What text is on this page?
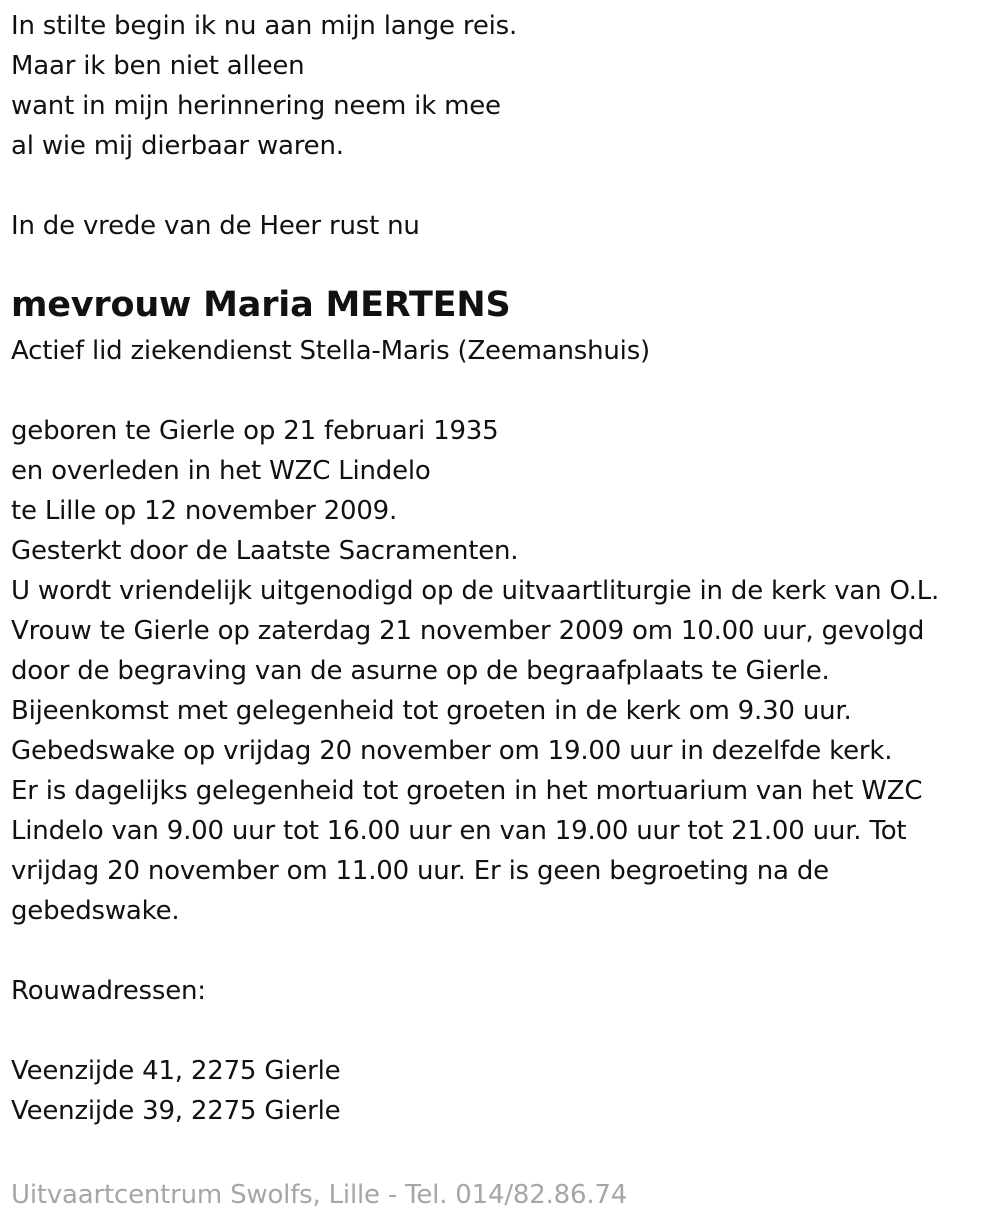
In stilte begin ik nu aan mijn lange reis.
Maar ik ben niet alleen
want in mijn herinnering neem ik mee
al wie mij dierbaar waren.
In de vrede van de Heer rust nu
mevrouw Maria MERTENS
Actief lid ziekendienst Stella-Maris (Zeemanshuis)
geboren te Gierle op 21 februari 1935
en overleden in het WZC Lindelo
te Lille op 12 november 2009.
Gesterkt door de Laatste Sacramenten.
U wordt vriendelijk uitgenodigd op de uitvaartliturgie in de kerk van O.L.
Vrouw te Gierle op zaterdag 21 november 2009 om 10.00 uur, gevolgd
door de begraving van de asurne op de begraafplaats te Gierle.
Bijeenkomst met gelegenheid tot groeten in de kerk om 9.30 uur.
Gebedswake op vrijdag 20 november om 19.00 uur in dezelfde kerk.
Er is dagelijks gelegenheid tot groeten in het mortuarium van het WZC
Lindelo van 9.00 uur tot 16.00 uur en van 19.00 uur tot 21.00 uur. Tot
vrijdag 20 november om 11.00 uur. Er is geen begroeting na de
gebedswake.
Rouwadressen:
Veenzijde 41, 2275 Gierle
Veenzijde 39, 2275 Gierle
Uitvaartcentrum Swolfs, Lille - Tel. 014/82.86.74
